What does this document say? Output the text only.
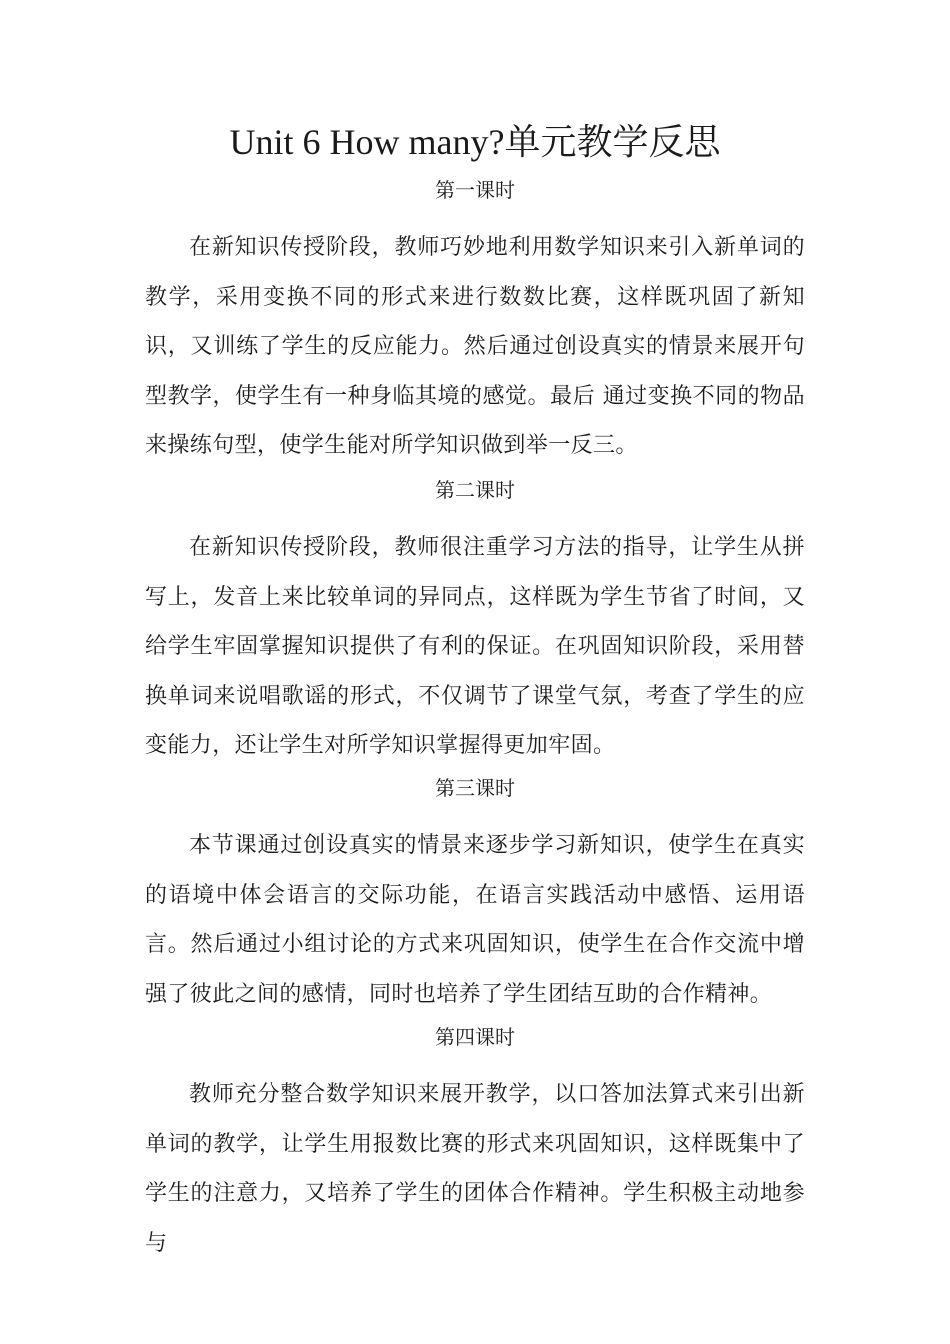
Unit 6 How many?单元教学反思
第一课时

在新知识传授阶段，教师巧妙地利用数学知识来引入新单词的教学，采用变换不同的形式来进行数数比赛，这样既巩固了新知识，又训练了学生的反应能力。然后通过创设真实的情景来展开句型教学，使学生有一种身临其境的感觉。最后 通过变换不同的物品来操练句型，使学生能对所学知识做到举一反三。

第二课时

在新知识传授阶段，教师很注重学习方法的指导，让学生从拼写上，发音上来比较单词的异同点，这样既为学生节省了时间，又给学生牢固掌握知识提供了有利的保证。在巩固知识阶段，采用替换单词来说唱歌谣的形式，不仅调节了课堂气氛，考查了学生的应变能力，还让学生对所学知识掌握得更加牢固。

第三课时

本节课通过创设真实的情景来逐步学习新知识，使学生在真实的语境中体会语言的交际功能，在语言实践活动中感悟、运用语言。然后通过小组讨论的方式来巩固知识，使学生在合作交流中增强了彼此之间的感情，同时也培养了学生团结互助的合作精神。

第四课时

教师充分整合数学知识来展开教学，以口答加法算式来引出新单词的教学，让学生用报数比赛的形式来巩固知识，这样既集中了学生的注意力，又培养了学生的团体合作精神。学生积极主动地参与
